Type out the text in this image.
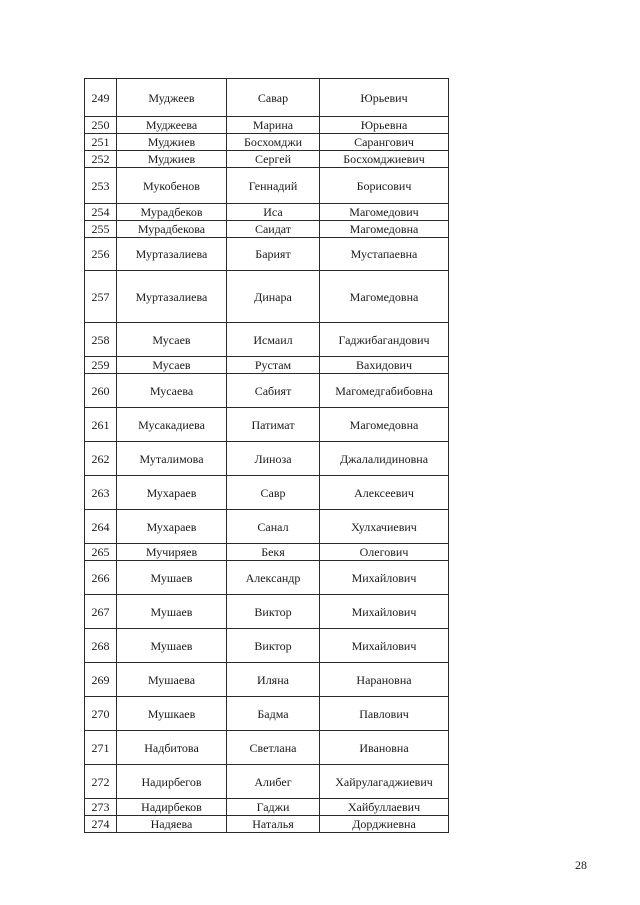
249	Муджеев	Савар	Юрьевич
250	Муджеева	Марина	Юрьевна
251	Муджиев	Босхомджи	Сарангович
252	Муджиев	Сергей	Босхомджиевич
253	Мукобенов	Геннадий	Борисович
254	Мурадбеков	Иса	Магомедович
255	Мурадбекова	Саидат	Магомедовна
256	Муртазалиева	Барият	Мустапаевна
257	Муртазалиева	Динара	Магомедовна
258	Мусаев	Исмаил	Гаджибагандович
259	Мусаев	Рустам	Вахидович
260	Мусаева	Сабият	Магомедгабибовна
261	Мусакадиева	Патимат	Магомедовна
262	Муталимова	Линоза	Джалалидиновна
263	Мухараев	Савр	Алексеевич
264	Мухараев	Санал	Хулхачиевич
265	Мучиряев	Бекя	Олегович
266	Мушаев	Александр	Михайлович
267	Мушаев	Виктор	Михайлович
268	Мушаев	Виктор	Михайлович
269	Мушаева	Иляна	Нарановна
270	Мушкаев	Бадма	Павлович
271	Надбитова	Светлана	Ивановна
272	Надирбегов	Алибег	Хайрулагаджиевич
273	Надирбеков	Гаджи	Хайбуллаевич
274	Надяева	Наталья	Дорджиевна
28
